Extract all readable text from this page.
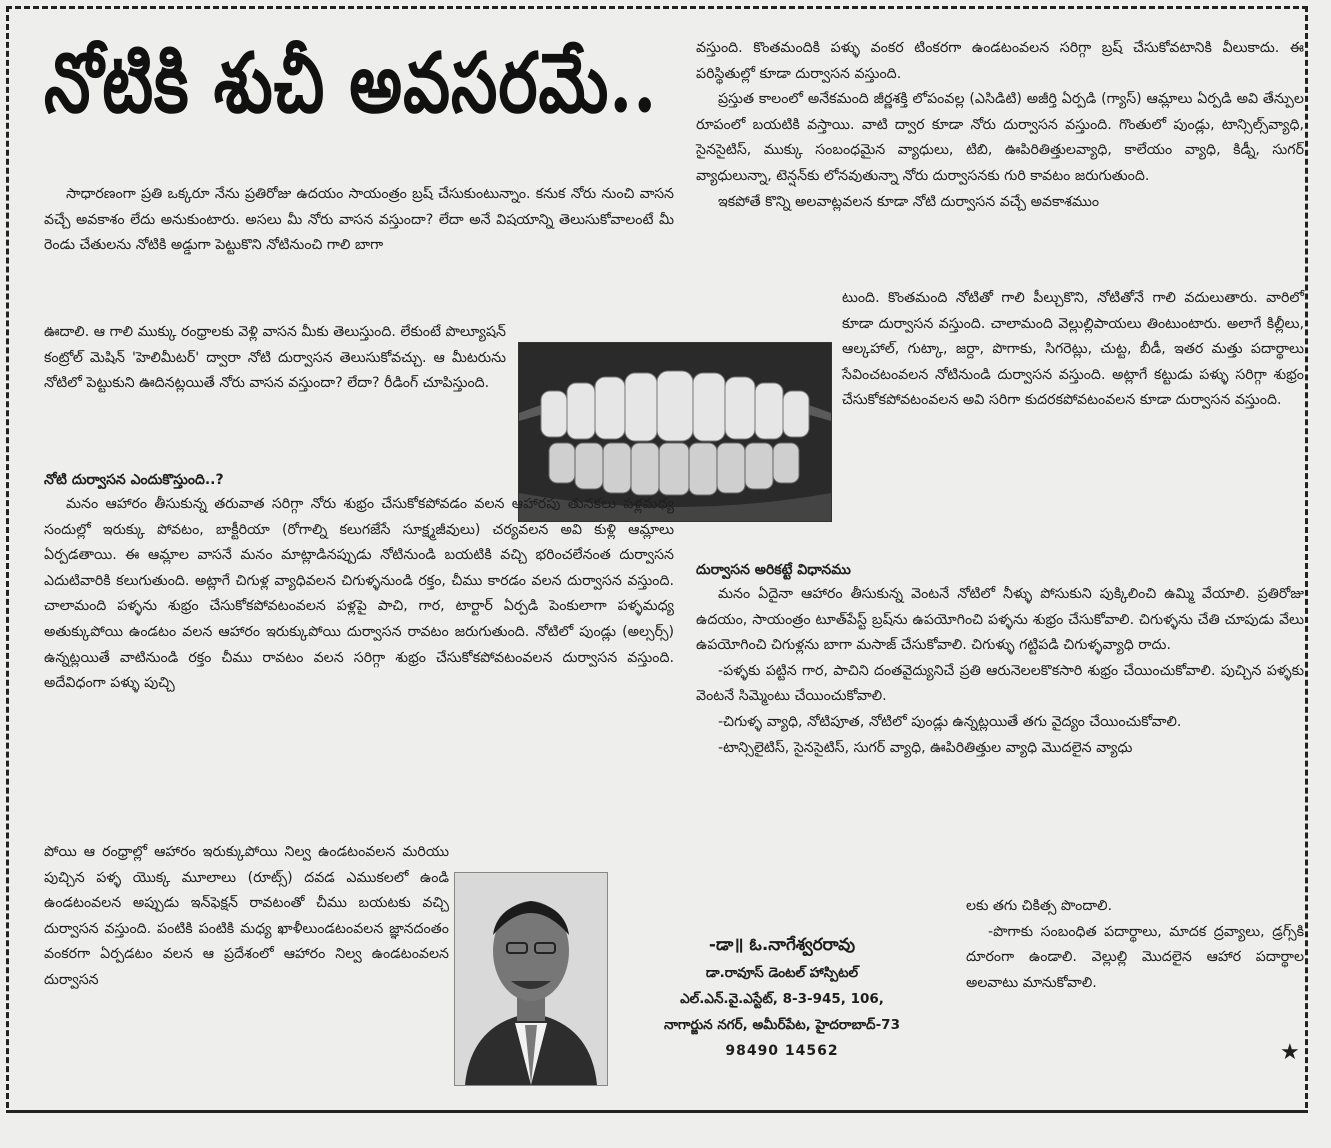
నోటికి శుచీ అవసరమే..

సాధారణంగా ప్రతి ఒక్కరూ నేను ప్రతిరోజు ఉదయం సాయంత్రం బ్రష్ చేసుకుంటున్నాం. కనుక నోరు నుంచి వాసన వచ్చే అవకాశం లేదు అనుకుంటారు. అసలు మీ నోరు వాసన వస్తుందా? లేదా అనే విషయాన్ని తెలుసుకోవాలంటే మీ రెండు చేతులను నోటికి అడ్డుగా పెట్టుకొని నోటినుంచి గాలి బాగా

ఊదాలి. ఆ గాలి ముక్కు రంధ్రాలకు వెళ్లి వాసన మీకు తెలుస్తుంది. లేకుంటే పొల్యూషన్ కంట్రోల్ మెషిన్ 'హెలిమీటర్' ద్వారా నోటి దుర్వాసన తెలుసుకోవచ్చు. ఆ మీటరును నోటిలో పెట్టుకుని ఊదినట్లయితే నోరు వాసన వస్తుందా? లేదా? రీడింగ్ చూపిస్తుంది.

నోటి దుర్వాసన ఎందుకొస్తుంది..?

మనం ఆహారం తీసుకున్న తరువాత సరిగ్గా నోరు శుభ్రం చేసుకోకపోవడం వలన ఆహారపు తునకలు పళ్లమధ్య సందుల్లో ఇరుక్కు పోవటం, బాక్టీరియా (రోగాల్ని కలుగజేసే సూక్ష్మజీవులు) చర్యవలన అవి కుళ్లి ఆమ్లాలు ఏర్పడతాయి. ఈ ఆమ్లాల వాసనే మనం మాట్లాడినప్పుడు నోటినుండి బయటికి వచ్చి భరించలేనంత దుర్వాసన ఎదుటివారికి కలుగుతుంది. అట్లాగే చిగుళ్ల వ్యాధివలన చిగుళ్ళనుండి రక్తం, చీము కారడం వలన దుర్వాసన వస్తుంది. చాలామంది పళ్ళను శుభ్రం చేసుకోకపోవటంవలన పళ్లపై పాచి, గార, టార్టార్ ఏర్పడి పెంకులాగా పళ్ళమధ్య అతుక్కుపోయి ఉండటం వలన ఆహారం ఇరుక్కుపోయి దుర్వాసన రావటం జరుగుతుంది. నోటిలో పుండ్లు (అల్సర్స్) ఉన్నట్లయితే వాటినుండి రక్తం చీము రావటం వలన సరిగ్గా శుభ్రం చేసుకోకపోవటంవలన దుర్వాసన వస్తుంది. అదేవిధంగా పళ్ళు పుచ్చి

పోయి ఆ రంధ్రాల్లో ఆహారం ఇరుక్కుపోయి నిల్వ ఉండటంవలన మరియు పుచ్చిన పళ్ళ యొక్క మూలాలు (రూట్స్) దవడ ఎముకలలో ఉండి ఉండటంవలన అప్పుడు ఇన్‌ఫెక్షన్ రావటంతో చీము బయటకు వచ్చి దుర్వాసన వస్తుంది. పంటికి పంటికి మధ్య ఖాళీలుండటంవలన జ్ఞానదంతం వంకరగా ఏర్పడటం వలన ఆ ప్రదేశంలో ఆహారం నిల్వ ఉండటంవలన దుర్వాసన

-డా॥ ఓ.నాగేశ్వరరావు
డా.రావూస్ డెంటల్ హాస్పిటల్
ఎల్.ఎన్.వై.ఎస్టేట్, 8-3-945, 106,
నాగార్జున నగర్, అమీర్‌పేట, హైదరాబాద్-73
98490 14562

వస్తుంది. కొంతమందికి పళ్ళు వంకర టింకరగా ఉండటంవలన సరిగ్గా బ్రష్ చేసుకోవటానికి వీలుకాదు. ఈ పరిస్థితుల్లో కూడా దుర్వాసన వస్తుంది.

ప్రస్తుత కాలంలో అనేకమంది జీర్ణశక్తి లోపంవల్ల (ఎసిడిటి) అజీర్తి ఏర్పడి (గ్యాస్) ఆమ్లాలు ఏర్పడి అవి తేన్పుల రూపంలో బయటికి వస్తాయి. వాటి ద్వార కూడా నోరు దుర్వాసన వస్తుంది. గొంతులో పుండ్లు, టాన్సిల్స్‌వ్యాధి, సైనసైటిస్, ముక్కు సంబంధమైన వ్యాధులు, టిబి, ఊపిరితిత్తులవ్యాధి, కాలేయం వ్యాధి, కిడ్నీ, సుగర్ వ్యాధులున్నా, టెన్షన్‌కు లోనవుతున్నా నోరు దుర్వాసనకు గురి కావటం జరుగుతుంది.

ఇకపోతే కొన్ని అలవాట్లవలన కూడా నోటి దుర్వాసన వచ్చే అవకాశముం

టుంది. కొంతమంది నోటితో గాలి పీల్చుకొని, నోటితోనే గాలి వదులుతారు. వారిలో కూడా దుర్వాసన వస్తుంది. చాలామంది వెల్లుల్లిపాయలు తింటుంటారు. అలాగే కిల్లీలు, ఆల్కహాల్, గుట్కా, జర్దా, పొగాకు, సిగరెట్లు, చుట్ట, బీడీ, ఇతర మత్తు పదార్థాలు సేవించటంవలన నోటినుండి దుర్వాసన వస్తుంది. అట్లాగే కట్టుడు పళ్ళు సరిగ్గా శుభ్రం చేసుకోకపోవటంవలన అవి సరిగా కుదరకపోవటంవలన కూడా దుర్వాసన వస్తుంది.

దుర్వాసన అరికట్టే విధానము

మనం ఏదైనా ఆహారం తీసుకున్న వెంటనే నోటిలో నీళ్ళు పోసుకుని పుక్కిలించి ఉమ్మి వేయాలి. ప్రతిరోజు ఉదయం, సాయంత్రం టూత్‌పేస్ట్ బ్రష్‌ను ఉపయోగించి పళ్ళను శుభ్రం చేసుకోవాలి. చిగుళ్ళను చేతి చూపుడు వేలు ఉపయోగించి చిగుళ్లను బాగా మసాజ్ చేసుకోవాలి. చిగుళ్ళు గట్టిపడి చిగుళ్ళవ్యాధి రాదు.

-పళ్ళకు పట్టిన గార, పాచిని దంతవైద్యునిచే ప్రతి ఆరునెలలకొకసారి శుభ్రం చేయించుకోవాలి. పుచ్చిన పళ్ళకు వెంటనే సిమ్మెంటు చేయించుకోవాలి.

-చిగుళ్ళ వ్యాధి, నోటిపూత, నోటిలో పుండ్లు ఉన్నట్లయితే తగు వైద్యం చేయించుకోవాలి.

-టాన్సిలైటిస్, సైనసైటిస్, సుగర్ వ్యాధి, ఊపిరితిత్తుల వ్యాధి మొదలైన వ్యాధు

లకు తగు చికిత్స పొందాలి.

-పొగాకు సంబంధిత పదార్థాలు, మాదక ద్రవ్యాలు, డ్రగ్స్‌కి దూరంగా ఉండాలి. వెల్లుల్లి మొదలైన ఆహార పదార్థాల అలవాటు మానుకోవాలి.

★
